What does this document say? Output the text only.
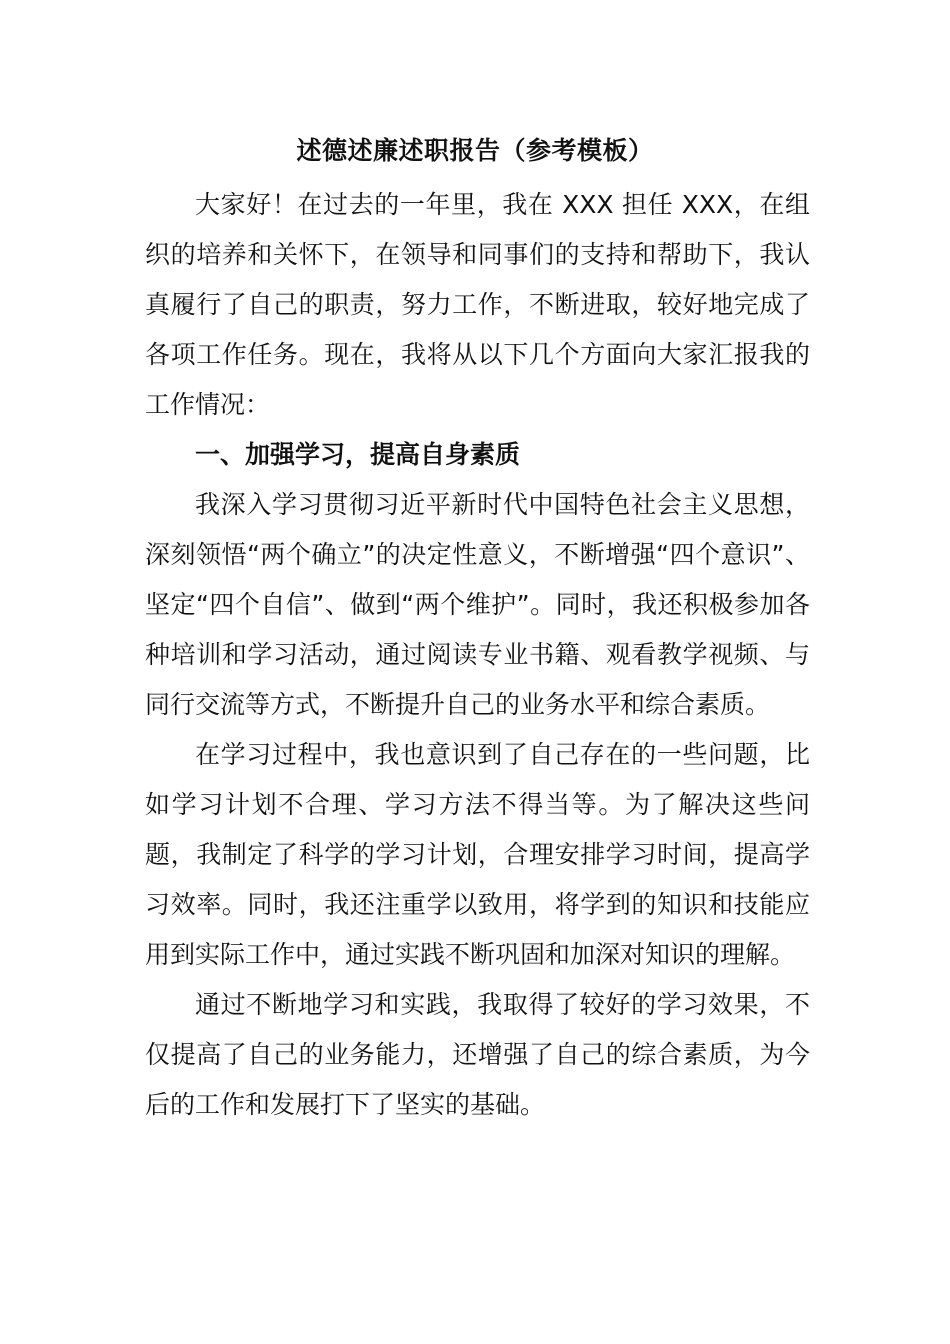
述德述廉述职报告（参考模板）

大家好！在过去的一年里，我在 XXX 担任 XXX，在组织的培养和关怀下，在领导和同事们的支持和帮助下，我认真履行了自己的职责，努力工作，不断进取，较好地完成了各项工作任务。现在，我将从以下几个方面向大家汇报我的工作情况：

一、加强学习，提高自身素质

我深入学习贯彻习近平新时代中国特色社会主义思想，深刻领悟“两个确立”的决定性意义，不断增强“四个意识”、坚定“四个自信”、做到“两个维护”。同时，我还积极参加各种培训和学习活动，通过阅读专业书籍、观看教学视频、与同行交流等方式，不断提升自己的业务水平和综合素质。

在学习过程中，我也意识到了自己存在的一些问题，比如学习计划不合理、学习方法不得当等。为了解决这些问题，我制定了科学的学习计划，合理安排学习时间，提高学习效率。同时，我还注重学以致用，将学到的知识和技能应用到实际工作中，通过实践不断巩固和加深对知识的理解。

通过不断地学习和实践，我取得了较好的学习效果，不仅提高了自己的业务能力，还增强了自己的综合素质，为今后的工作和发展打下了坚实的基础。
